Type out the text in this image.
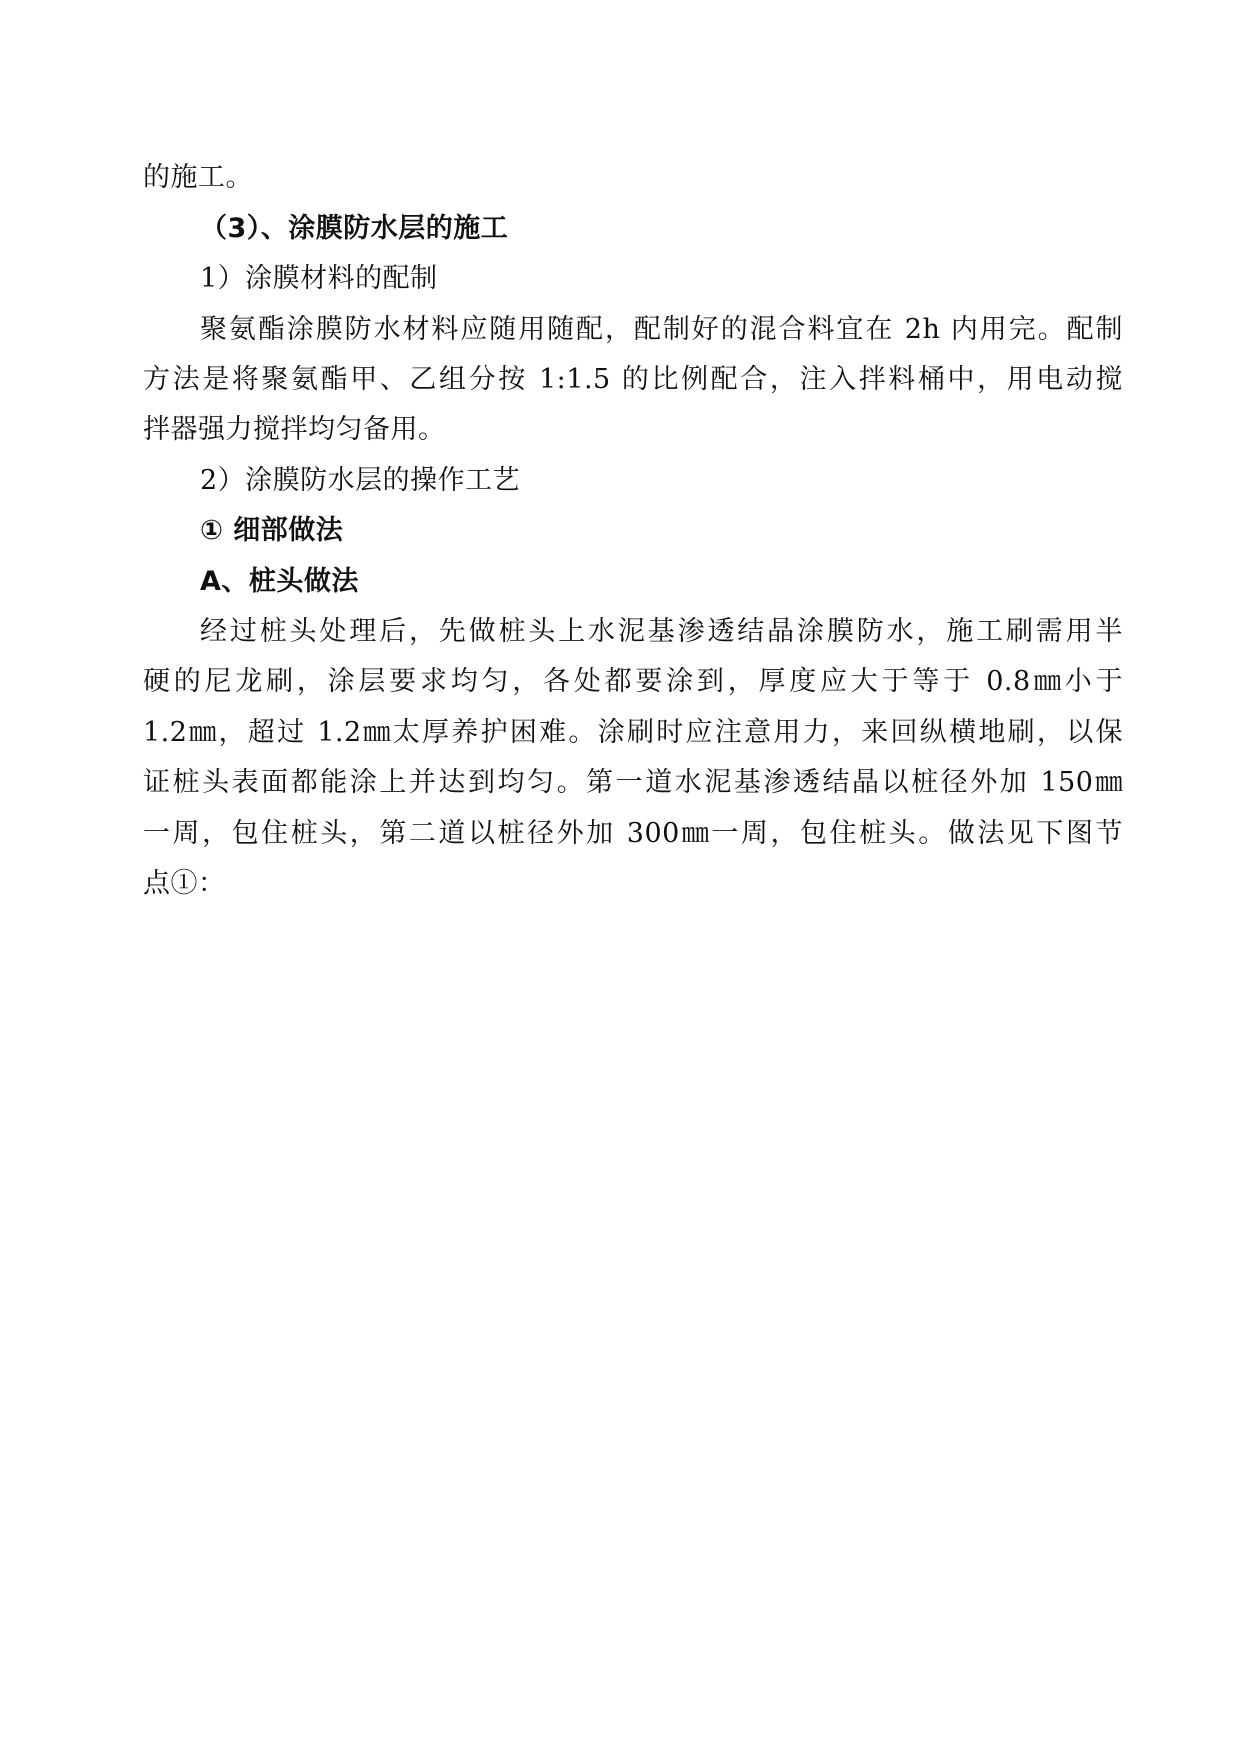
的施工。
（3）、涂膜防水层的施工
1）涂膜材料的配制
聚氨酯涂膜防水材料应随用随配，配制好的混合料宜在 2h 内用完。配制
方法是将聚氨酯甲、乙组分按 1:1.5 的比例配合，注入拌料桶中，用电动搅
拌器强力搅拌均匀备用。
2）涂膜防水层的操作工艺
① 细部做法
A、桩头做法
经过桩头处理后，先做桩头上水泥基渗透结晶涂膜防水，施工刷需用半
硬的尼龙刷，涂层要求均匀，各处都要涂到，厚度应大于等于 0.8㎜小于
1.2㎜，超过 1.2㎜太厚养护困难。涂刷时应注意用力，来回纵横地刷，以保
证桩头表面都能涂上并达到均匀。第一道水泥基渗透结晶以桩径外加 150㎜
一周，包住桩头，第二道以桩径外加 300㎜一周，包住桩头。做法见下图节
点①：
